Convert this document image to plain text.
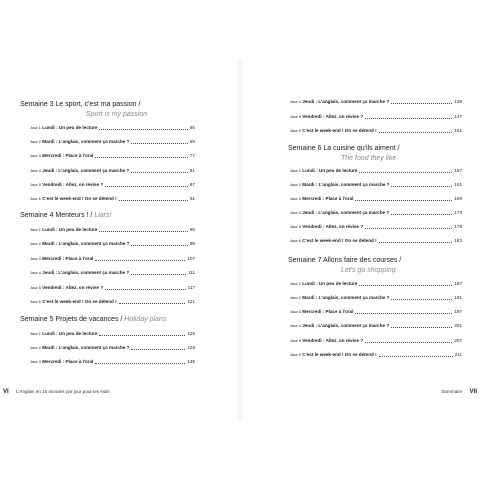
Semaine 3 Le sport, c'est ma passion /
Sport is my passion
Jour 1 Lundi : Un peu de lecture	65
Jour 2 Mardi : L'anglais, comment ça marche ?	69
Jour 3 Mercredi : Place à l'oral	77
Jour 4 Jeudi : L'anglais, comment ça marche ?	81
Jour 5 Vendredi : Allez, on révise ?	87
Jour 6 C'est le week-end ! On se détend !	91
Semaine 4 Menteurs ! / Liars!
Jour 1 Lundi : Un peu de lecture	95
Jour 2 Mardi : L'anglais, comment ça marche ?	99
Jour 3 Mercredi : Place à l'oral	107
Jour 4 Jeudi : L'anglais, comment ça marche ?	111
Jour 5 Vendredi : Allez, on révise ?	117
Jour 6 C'est le week-end ! On se détend !	121
Semaine 5 Projets de vacances / Holiday plans
Jour 1 Lundi : Un peu de lecture	125
Jour 2 Mardi : L'anglais, comment ça marche ?	129
Jour 3 Mercredi : Place à l'oral	135
VI L'Anglais en 15 minutes par jour pour les Nuls
Jour 4 Jeudi : L'anglais, comment ça marche ?	139
Jour 5 Vendredi : Allez, on révise ?	147
Jour 6 C'est le week-end ! On se détend !	151
Semaine 6 La cuisine qu'ils aiment /
The food they like
Jour 1 Lundi : Un peu de lecture	157
Jour 2 Mardi : L'anglais, comment ça marche ?	161
Jour 3 Mercredi : Place à l'oral	169
Jour 4 Jeudi : L'anglais, comment ça marche ?	173
Jour 5 Vendredi : Allez, on révise ?	179
Jour 6 C'est le week-end ! On se détend !	183
Semaine 7 Allons faire des courses /
Let's go shopping
Jour 1 Lundi : Un peu de lecture	187
Jour 2 Mardi : L'anglais, comment ça marche ?	191
Jour 3 Mercredi : Place à l'oral	197
Jour 4 Jeudi : L'anglais, comment ça marche ?	201
Jour 5 Vendredi : Allez, on révise ?	207
Jour 6 C'est le week-end ! On se détend !	211
Sommaire VII
